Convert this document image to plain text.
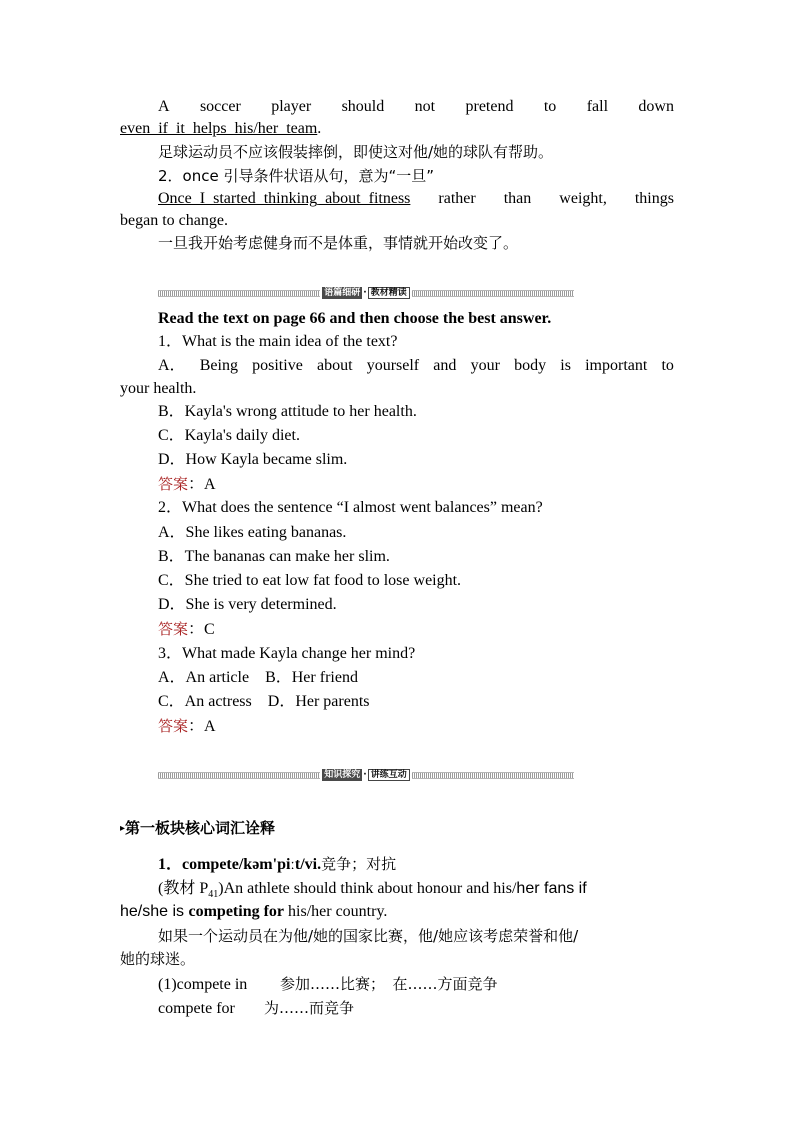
A soccer player should not pretend to fall down
even_if_it_helps_his/her_team.
足球运动员不应该假装摔倒，即使这对他/她的球队有帮助。
2．once 引导条件状语从句，意为“一旦”
Once_I_started_thinking_about_fitness rather than weight, things
began to change.
一旦我开始考虑健身而不是体重，事情就开始改变了。
语篇细研 · 教材精读
Read the text on page 66 and then choose the best answer.
1．What is the main idea of the text?
A． Being positive about yourself and your body is important to
your health.
B．Kayla's wrong attitude to her health.
C．Kayla's daily diet.
D．How Kayla became slim.
答案：A
2．What does the sentence “I almost went balances” mean?
A．She likes eating bananas.
B．The bananas can make her slim.
C．She tried to eat low fat food to lose weight.
D．She is very determined.
答案：C
3．What made Kayla change her mind?
A．An article    B．Her friend
C．An actress    D．Her parents
答案：A
知识探究 · 讲练互动
▸第一板块核心词汇诠释
1．compete/kəm'piːt/vi.竞争；对抗
(教材 $P_{41})An$ athlete should think about honour and his/her fans if
he/she is competing for his/her country.
如果一个运动员在为他/她的国家比赛，他/她应该考虑荣誉和他/
她的球迷。
(1)compete in 参加……比赛；　在……方面竞争
compete for 为……而竞争
